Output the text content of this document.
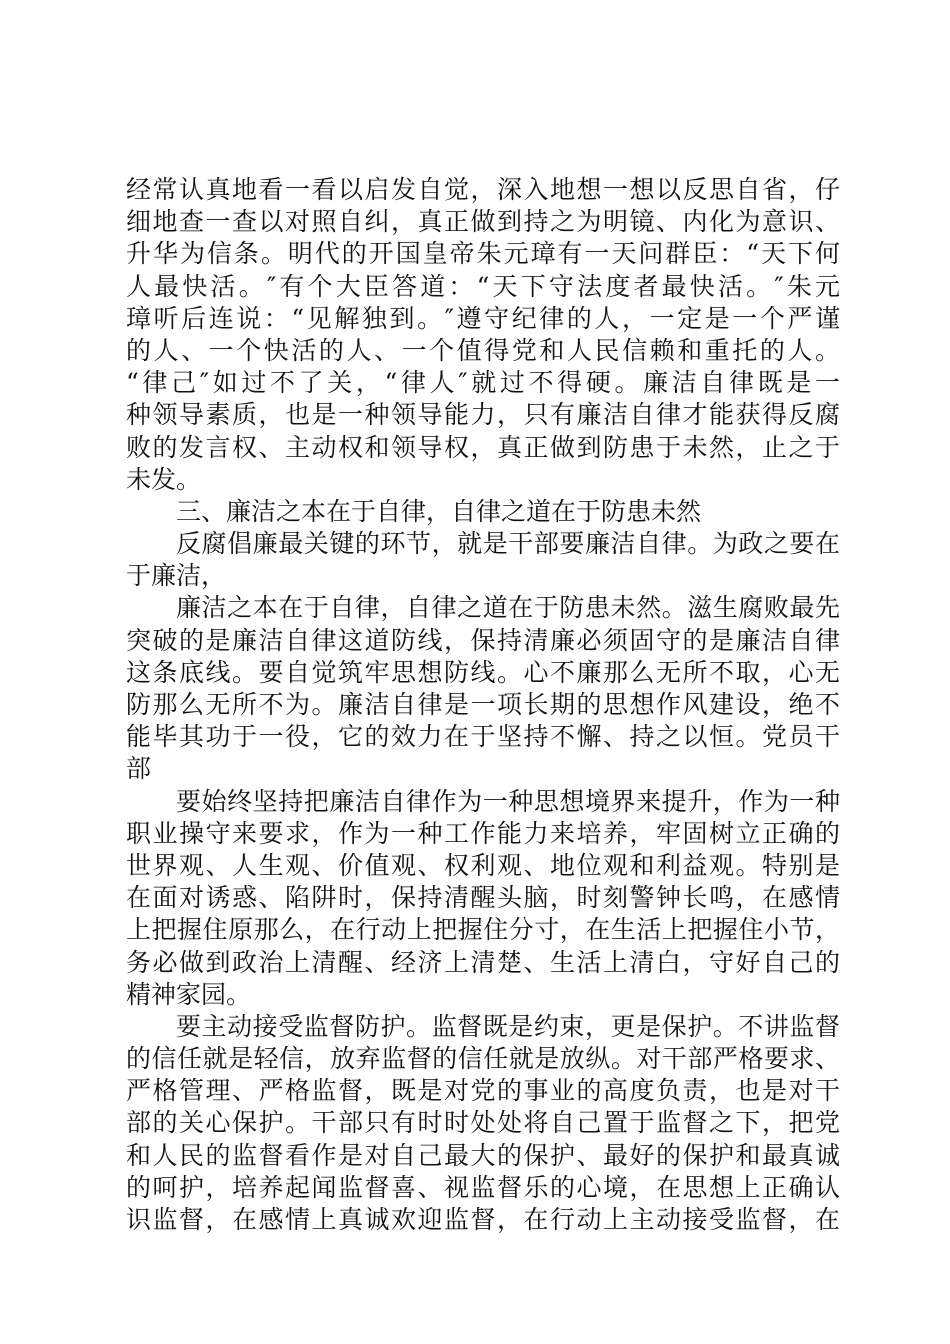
经常认真地看一看以启发自觉，深入地想一想以反思自省，仔
细地查一查以对照自纠，真正做到持之为明镜、内化为意识、
升华为信条。明代的开国皇帝朱元璋有一天问群臣：“天下何
人最快活。″有个大臣答道：“天下守法度者最快活。″朱元
璋听后连说：“见解独到。″遵守纪律的人，一定是一个严谨
的人、一个快活的人、一个值得党和人民信赖和重托的人。
“律己″如过不了关，“律人″就过不得硬。廉洁自律既是一
种领导素质，也是一种领导能力，只有廉洁自律才能获得反腐
败的发言权、主动权和领导权，真正做到防患于未然，止之于
未发。
三、廉洁之本在于自律，自律之道在于防患未然
反腐倡廉最关键的环节，就是干部要廉洁自律。为政之要在
于廉洁，
廉洁之本在于自律，自律之道在于防患未然。滋生腐败最先
突破的是廉洁自律这道防线，保持清廉必须固守的是廉洁自律
这条底线。要自觉筑牢思想防线。心不廉那么无所不取，心无
防那么无所不为。廉洁自律是一项长期的思想作风建设，绝不
能毕其功于一役，它的效力在于坚持不懈、持之以恒。党员干
部
要始终坚持把廉洁自律作为一种思想境界来提升，作为一种
职业操守来要求，作为一种工作能力来培养，牢固树立正确的
世界观、人生观、价值观、权利观、地位观和利益观。特别是
在面对诱惑、陷阱时，保持清醒头脑，时刻警钟长鸣，在感情
上把握住原那么，在行动上把握住分寸，在生活上把握住小节，
务必做到政治上清醒、经济上清楚、生活上清白，守好自己的
精神家园。
要主动接受监督防护。监督既是约束，更是保护。不讲监督
的信任就是轻信，放弃监督的信任就是放纵。对干部严格要求、
严格管理、严格监督，既是对党的事业的高度负责，也是对干
部的关心保护。干部只有时时处处将自己置于监督之下，把党
和人民的监督看作是对自己最大的保护、最好的保护和最真诚
的呵护，培养起闻监督喜、视监督乐的心境，在思想上正确认
识监督，在感情上真诚欢迎监督，在行动上主动接受监督，在
